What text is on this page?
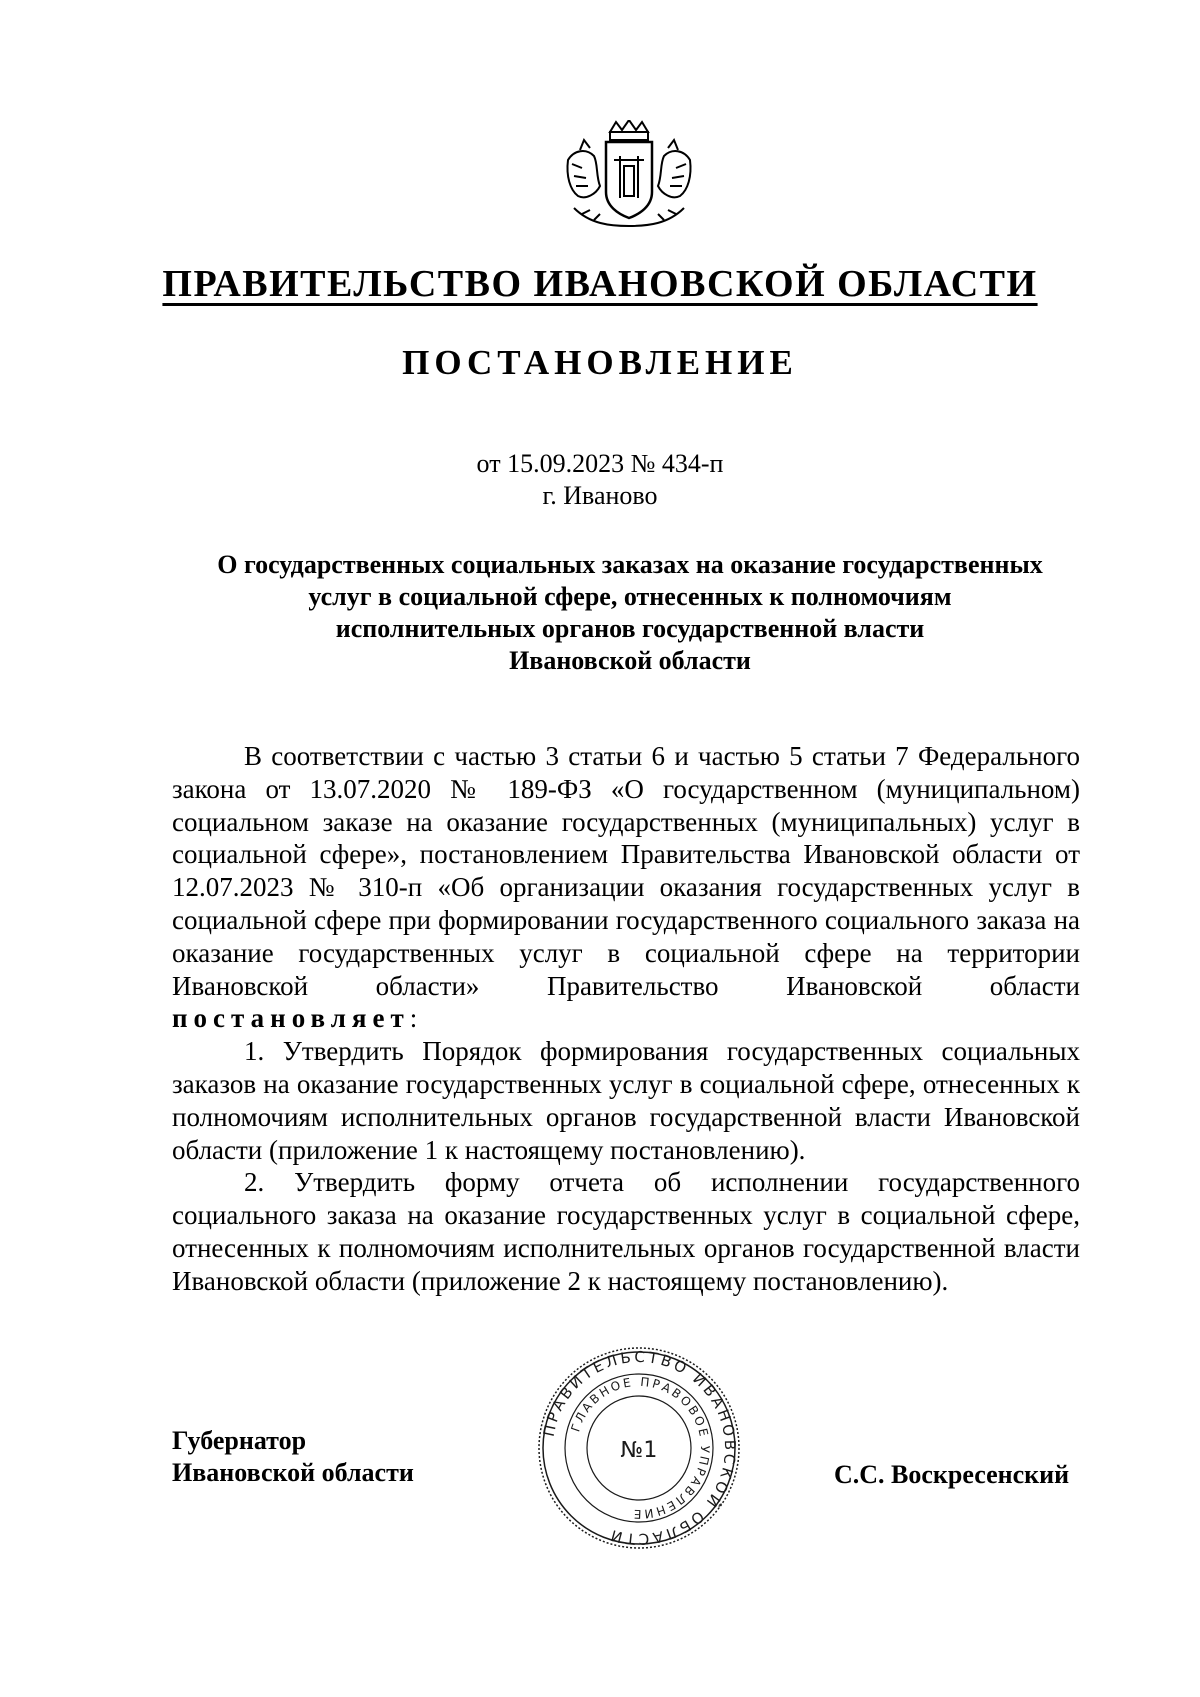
ПРАВИТЕЛЬСТВО ИВАНОВСКОЙ ОБЛАСТИ
ПОСТАНОВЛЕНИЕ
от 15.09.2023 № 434-п
г. Иваново
О государственных социальных заказах на оказание государственных
услуг в социальной сфере, отнесенных к полномочиям
исполнительных органов государственной власти
Ивановской области

В соответствии с частью 3 статьи 6 и частью 5 статьи 7 Федерального закона от 13.07.2020 № 189-ФЗ «О государственном (муниципальном) социальном заказе на оказание государственных (муниципальных) услуг в социальной сфере», постановлением Правительства Ивановской области от 12.07.2023 № 310-п «Об организации оказания государственных услуг в социальной сфере при формировании государственного социального заказа на оказание государственных услуг в социальной сфере на территории Ивановской области» Правительство Ивановской области постановляет:

1. Утвердить Порядок формирования государственных социальных заказов на оказание государственных услуг в социальной сфере, отнесенных к полномочиям исполнительных органов государственной власти Ивановской области (приложение 1 к настоящему постановлению).

2. Утвердить форму отчета об исполнении государственного социального заказа на оказание государственных услуг в социальной сфере, отнесенных к полномочиям исполнительных органов государственной власти Ивановской области (приложение 2 к настоящему постановлению).

Губернатор
Ивановской области
ПРАВИТЕЛЬСТВО ИВАНОВСКОЙ ОБЛАСТИ
ГЛАВНОЕ ПРАВОВОЕ УПРАВЛЕНИЕ
№1
С.С. Воскресенский
